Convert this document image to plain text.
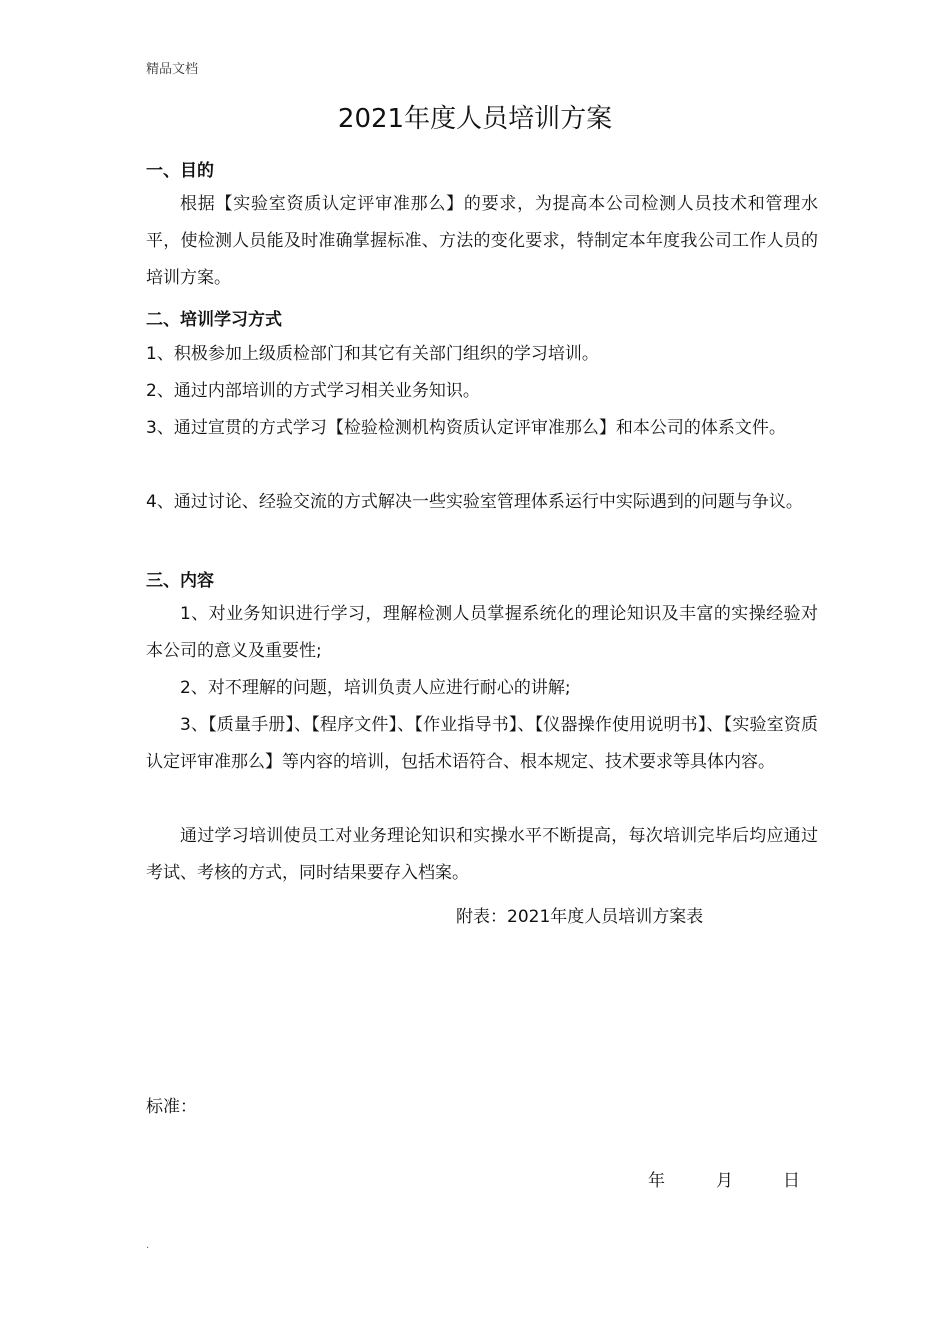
精品文档
2021年度人员培训方案
一、目的
根据【实验室资质认定评审准那么】的要求，为提高本公司检测人员技术和管理水平，使检测人员能及时准确掌握标准、方法的变化要求，特制定本年度我公司工作人员的培训方案。
二、培训学习方式
1、积极参加上级质检部门和其它有关部门组织的学习培训。
2、通过内部培训的方式学习相关业务知识。
3、通过宣贯的方式学习【检验检测机构资质认定评审准那么】和本公司的体系文件。
4、通过讨论、经验交流的方式解决一些实验室管理体系运行中实际遇到的问题与争议。
三、内容
1、对业务知识进行学习，理解检测人员掌握系统化的理论知识及丰富的实操经验对本公司的意义及重要性;
2、对不理解的问题，培训负责人应进行耐心的讲解;
3、【质量手册】、【程序文件】、【作业指导书】、【仪器操作使用说明书】、【实验室资质认定评审准那么】等内容的培训，包括术语符合、根本规定、技术要求等具体内容。
通过学习培训使员工对业务理论知识和实操水平不断提高，每次培训完毕后均应通过考试、考核的方式，同时结果要存入档案。
附表：2021年度人员培训方案表
标准：
年	月	日
.
